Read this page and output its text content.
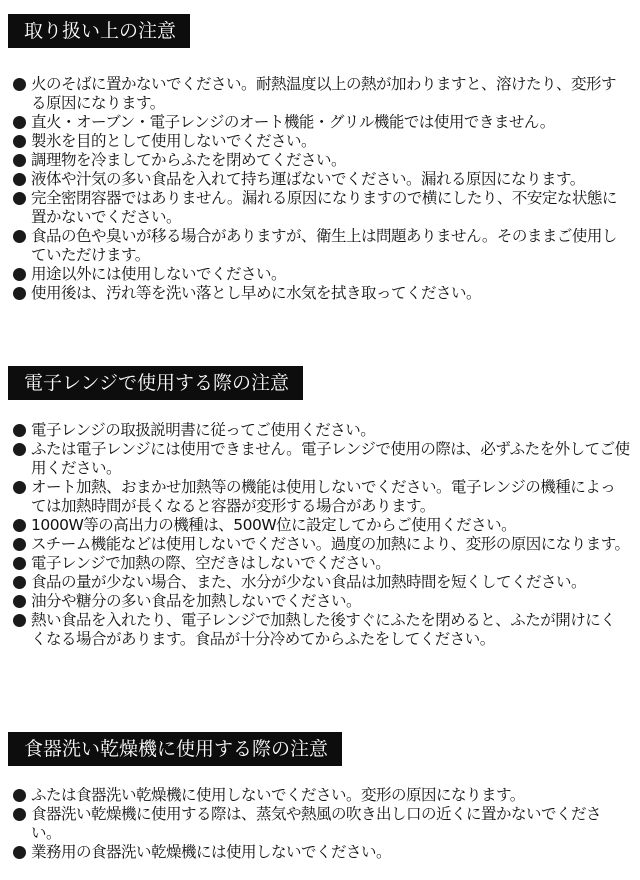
取り扱い上の注意
火のそばに置かないでください。耐熱温度以上の熱が加わりますと、溶けたり、変形する原因になります。
直火・オーブン・電子レンジのオート機能・グリル機能では使用できません。
製氷を目的として使用しないでください。
調理物を冷ましてからふたを閉めてください。
液体や汁気の多い食品を入れて持ち運ばないでください。漏れる原因になります。
完全密閉容器ではありません。漏れる原因になりますので横にしたり、不安定な状態に置かないでください。
食品の色や臭いが移る場合がありますが、衛生上は問題ありません。そのままご使用していただけます。
用途以外には使用しないでください。
使用後は、汚れ等を洗い落とし早めに水気を拭き取ってください。
電子レンジで使用する際の注意
電子レンジの取扱説明書に従ってご使用ください。
ふたは電子レンジには使用できません。電子レンジで使用の際は、必ずふたを外してご使用ください。
オート加熱、おまかせ加熱等の機能は使用しないでください。電子レンジの機種によっては加熱時間が長くなると容器が変形する場合があります。
1000W等の高出力の機種は、500W位に設定してからご使用ください。
スチーム機能などは使用しないでください。過度の加熱により、変形の原因になります。
電子レンジで加熱の際、空だきはしないでください。
食品の量が少ない場合、また、水分が少ない食品は加熱時間を短くしてください。
油分や糖分の多い食品を加熱しないでください。
熱い食品を入れたり、電子レンジで加熱した後すぐにふたを閉めると、ふたが開けにくくなる場合があります。食品が十分冷めてからふたをしてください。
食器洗い乾燥機に使用する際の注意
ふたは食器洗い乾燥機に使用しないでください。変形の原因になります。
食器洗い乾燥機に使用する際は、蒸気や熱風の吹き出し口の近くに置かないでください。
業務用の食器洗い乾燥機には使用しないでください。
